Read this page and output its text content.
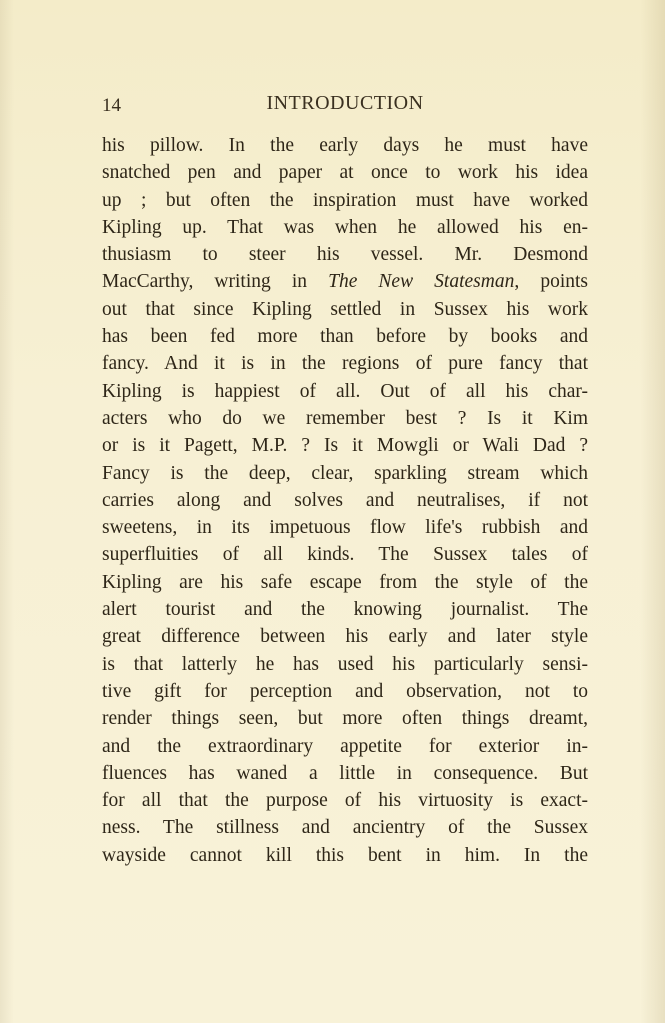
14	INTRODUCTION
his pillow. In the early days he must have
snatched pen and paper at once to work his idea
up ; but often the inspiration must have worked
Kipling up. That was when he allowed his en-
thusiasm to steer his vessel. Mr. Desmond
MacCarthy, writing in The New Statesman, points
out that since Kipling settled in Sussex his work
has been fed more than before by books and
fancy. And it is in the regions of pure fancy that
Kipling is happiest of all. Out of all his char-
acters who do we remember best ? Is it Kim
or is it Pagett, M.P. ? Is it Mowgli or Wali Dad ?
Fancy is the deep, clear, sparkling stream which
carries along and solves and neutralises, if not
sweetens, in its impetuous flow life's rubbish and
superfluities of all kinds. The Sussex tales of
Kipling are his safe escape from the style of the
alert tourist and the knowing journalist. The
great difference between his early and later style
is that latterly he has used his particularly sensi-
tive gift for perception and observation, not to
render things seen, but more often things dreamt,
and the extraordinary appetite for exterior in-
fluences has waned a little in consequence. But
for all that the purpose of his virtuosity is exact-
ness. The stillness and ancientry of the Sussex
wayside cannot kill this bent in him. In the
